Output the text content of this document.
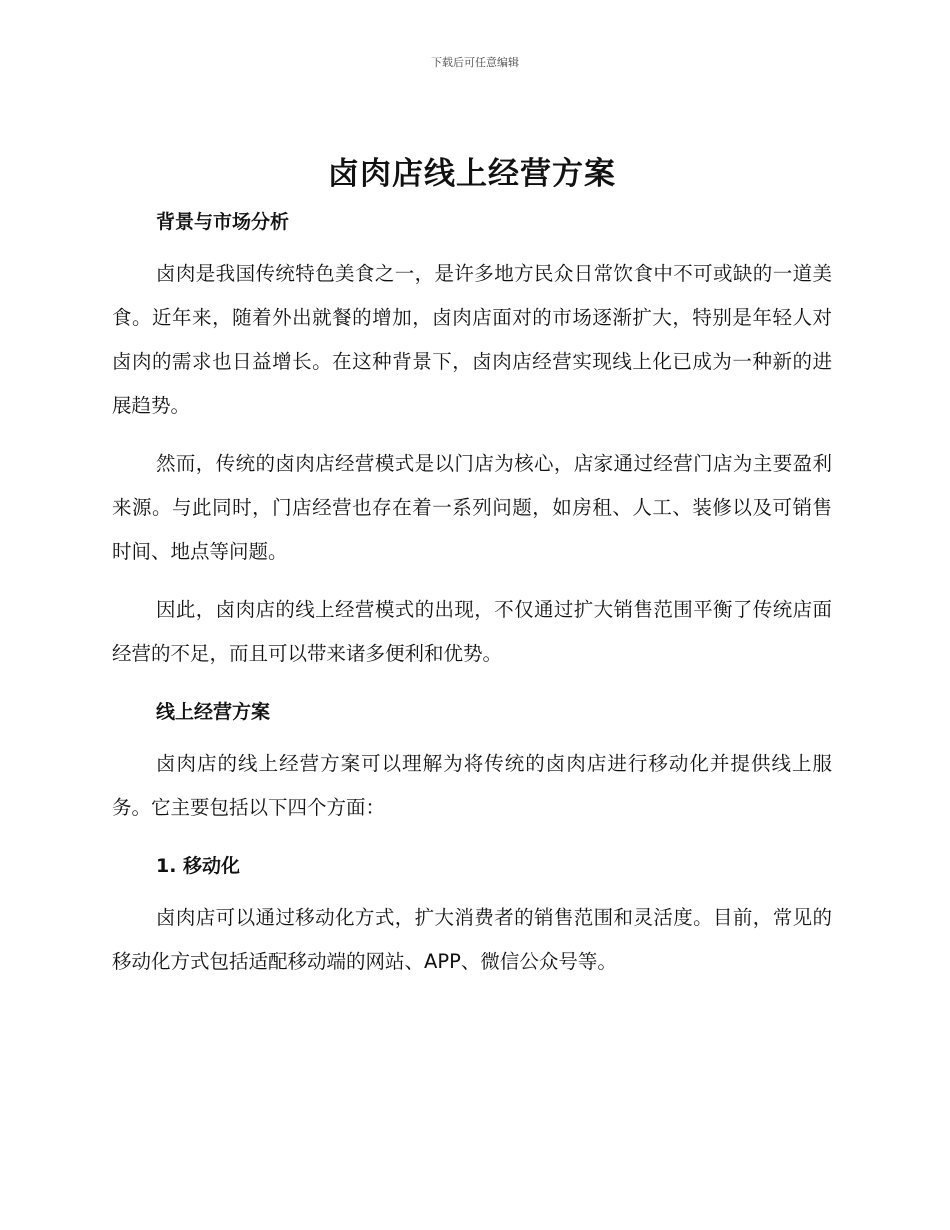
下载后可任意编辑
卤肉店线上经营方案
背景与市场分析

卤肉是我国传统特色美食之一，是许多地方民众日常饮食中不可或缺的一道美食。近年来，随着外出就餐的增加，卤肉店面对的市场逐渐扩大，特别是年轻人对卤肉的需求也日益增长。在这种背景下，卤肉店经营实现线上化已成为一种新的进展趋势。

然而，传统的卤肉店经营模式是以门店为核心，店家通过经营门店为主要盈利来源。与此同时，门店经营也存在着一系列问题，如房租、人工、装修以及可销售时间、地点等问题。

因此，卤肉店的线上经营模式的出现，不仅通过扩大销售范围平衡了传统店面经营的不足，而且可以带来诸多便利和优势。

线上经营方案

卤肉店的线上经营方案可以理解为将传统的卤肉店进行移动化并提供线上服务。它主要包括以下四个方面：

1. 移动化

卤肉店可以通过移动化方式，扩大消费者的销售范围和灵活度。目前，常见的移动化方式包括适配移动端的网站、APP、微信公众号等。
